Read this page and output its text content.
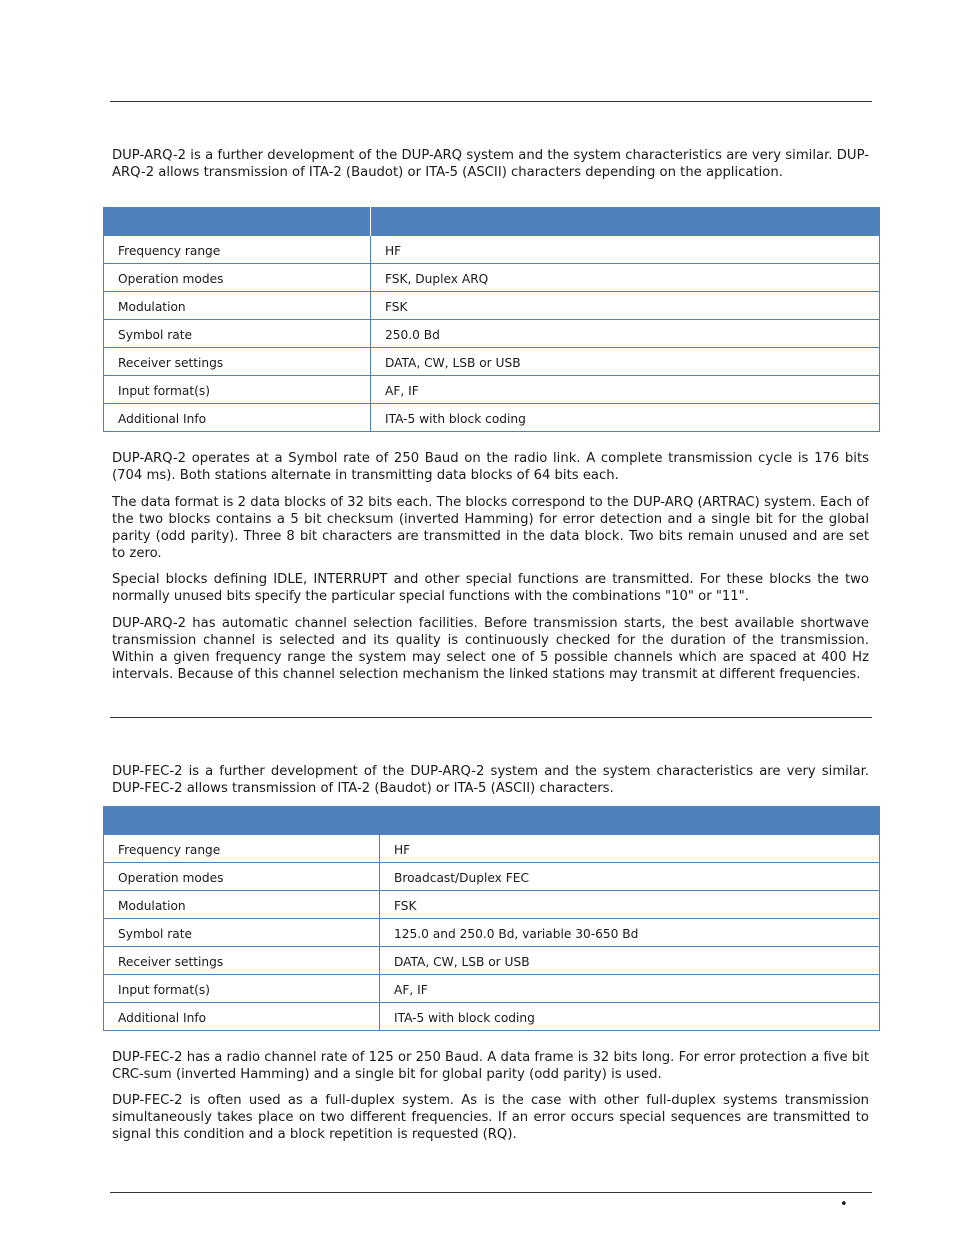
DUP-ARQ-2 is a further development of the DUP-ARQ system and the system characteristics are very similar. DUP-ARQ-2 allows transmission of ITA-2 (Baudot) or ITA-5 (ASCII) characters depending on the application.

Frequency range	HF
Operation modes	FSK, Duplex ARQ
Modulation	FSK
Symbol rate	250.0 Bd
Receiver settings	DATA, CW, LSB or USB
Input format(s)	AF, IF
Additional Info	ITA-5 with block coding

DUP-ARQ-2 operates at a Symbol rate of 250 Baud on the radio link. A complete transmission cycle is 176 bits (704 ms). Both stations alternate in transmitting data blocks of 64 bits each.

The data format is 2 data blocks of 32 bits each. The blocks correspond to the DUP-ARQ (ARTRAC) system. Each of the two blocks contains a 5 bit checksum (inverted Hamming) for error detection and a single bit for the global parity (odd parity). Three 8 bit characters are transmitted in the data block. Two bits remain unused and are set to zero.

Special blocks defining IDLE, INTERRUPT and other special functions are transmitted. For these blocks the two normally unused bits specify the particular special functions with the combinations "10" or "11".

DUP-ARQ-2 has automatic channel selection facilities. Before transmission starts, the best available shortwave transmission channel is selected and its quality is continuously checked for the duration of the transmission. Within a given frequency range the system may select one of 5 possible channels which are spaced at 400 Hz intervals. Because of this channel selection mechanism the linked stations may transmit at different frequencies.

DUP-FEC-2 is a further development of the DUP-ARQ-2 system and the system characteristics are very similar. DUP-FEC-2 allows transmission of ITA-2 (Baudot) or ITA-5 (ASCII) characters.

Frequency range	HF
Operation modes	Broadcast/Duplex FEC
Modulation	FSK
Symbol rate	125.0 and 250.0 Bd, variable 30-650 Bd
Receiver settings	DATA, CW, LSB or USB
Input format(s)	AF, IF
Additional Info	ITA-5 with block coding

DUP-FEC-2 has a radio channel rate of 125 or 250 Baud. A data frame is 32 bits long. For error protection a five bit CRC-sum (inverted Hamming) and a single bit for global parity (odd parity) is used.

DUP-FEC-2 is often used as a full-duplex system. As is the case with other full-duplex systems transmission simultaneously takes place on two different frequencies. If an error occurs special sequences are transmitted to signal this condition and a block repetition is requested (RQ).

•
